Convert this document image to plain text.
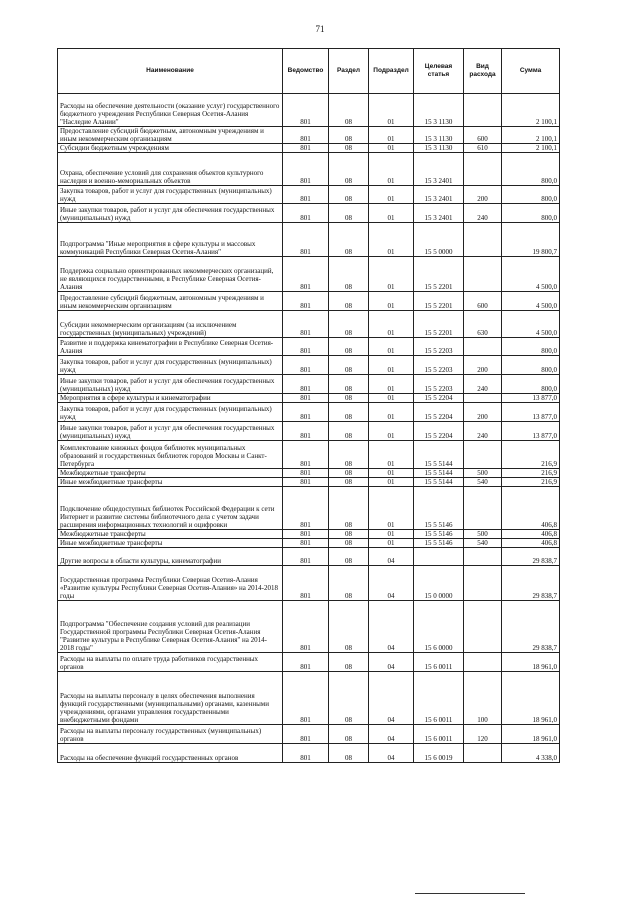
71
Наименование	Ведомство	Раздел	Подраздел	Целевая статья	Вид расхода	Сумма
Расходы на обеспечение деятельности (оказание услуг) государственного бюджетного учреждения Республики Северная Осетия-Алания "Наследие Алании"	801	08	01	15 3 1130		2 100,1
Предоставление субсидий бюджетным, автономным учреждениям и иным некоммерческим организациям	801	08	01	15 3 1130	600	2 100,1
Субсидии бюджетным учреждениям	801	08	01	15 3 1130	610	2 100,1
Охрана, обеспечение условий для сохранения объектов культурного наследия и военно-мемориальных объектов	801	08	01	15 3 2401		800,0
Закупка товаров, работ и услуг для государственных (муниципальных) нужд	801	08	01	15 3 2401	200	800,0
Иные закупки товаров, работ и услуг для обеспечения государственных (муниципальных) нужд	801	08	01	15 3 2401	240	800,0
Подпрограмма "Иные мероприятия в сфере культуры и массовых коммуникаций Республики Северная Осетия-Алания"	801	08	01	15 5 0000		19 800,7
Поддержка социально ориентированных некоммерческих организаций, не являющихся государственными, в Республике Северная Осетия-Алания	801	08	01	15 5 2201		4 500,0
Предоставление субсидий бюджетным, автономным учреждениям и иным некоммерческим организациям	801	08	01	15 5 2201	600	4 500,0
Субсидии некоммерческим организациям (за исключением государственных (муниципальных) учреждений)	801	08	01	15 5 2201	630	4 500,0
Развитие и поддержка кинематографии в Республике Северная Осетия-Алания	801	08	01	15 5 2203		800,0
Закупка товаров, работ и услуг для государственных (муниципальных) нужд	801	08	01	15 5 2203	200	800,0
Иные закупки товаров, работ и услуг для обеспечения государственных (муниципальных) нужд	801	08	01	15 5 2203	240	800,0
Мероприятия в сфере культуры и кинематографии	801	08	01	15 5 2204		13 877,0
Закупка товаров, работ и услуг для государственных (муниципальных) нужд	801	08	01	15 5 2204	200	13 877,0
Иные закупки товаров, работ и услуг для обеспечения государственных (муниципальных) нужд	801	08	01	15 5 2204	240	13 877,0
Комплектование книжных фондов библиотек муниципальных образований и государственных библиотек городов Москвы и Санкт-Петербурга	801	08	01	15 5 5144		216,9
Межбюджетные трансферты	801	08	01	15 5 5144	500	216,9
Иные межбюджетные трансферты	801	08	01	15 5 5144	540	216,9
Подключение общедоступных библиотек Российской Федерации к сети Интернет и развитие системы библиотечного дела с учетом задачи расширения информационных технологий и оцифровки	801	08	01	15 5 5146		406,8
Межбюджетные трансферты	801	08	01	15 5 5146	500	406,8
Иные межбюджетные трансферты	801	08	01	15 5 5146	540	406,8
Другие вопросы в области культуры, кинематографии	801	08	04			29 838,7
Государственная программа Республики Северная Осетия-Алания «Развитие культуры Республики Северная Осетия-Алания» на 2014-2018 годы	801	08	04	15 0 0000		29 838,7
Подпрограмма "Обеспечение создания условий для реализации Государственной программы Республики Северная Осетия-Алания "Развитие культуры в Республике Северная Осетия-Алания" на 2014-2018 годы"	801	08	04	15 6 0000		29 838,7
Расходы на выплаты по оплате труда работников государственных органов	801	08	04	15 6 0011		18 961,0
Расходы на выплаты персоналу в целях обеспечения выполнения функций государственными (муниципальными) органами, казенными учреждениями, органами управления государственными внебюджетными фондами	801	08	04	15 6 0011	100	18 961,0
Расходы на выплаты персоналу государственных (муниципальных) органов	801	08	04	15 6 0011	120	18 961,0
Расходы на обеспечение функций государственных органов	801	08	04	15 6 0019		4 338,0
